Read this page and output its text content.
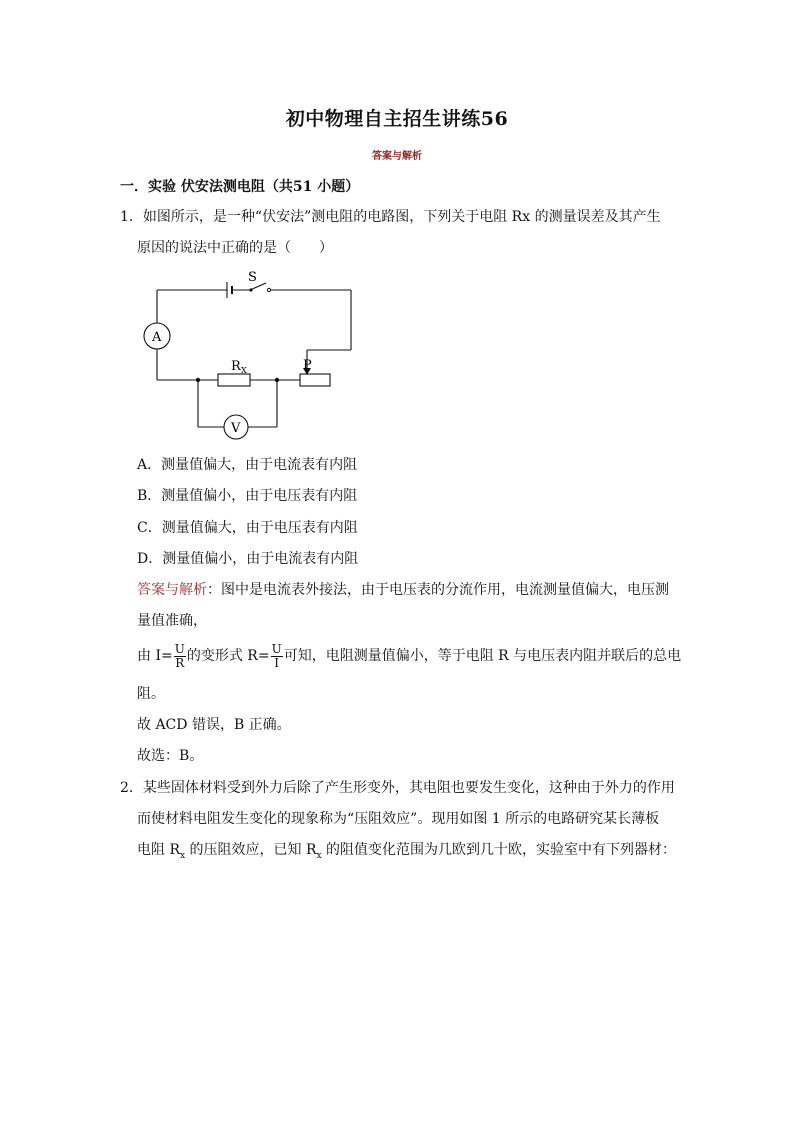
初中物理自主招生讲练56
答案与解析
一．实验 伏安法测电阻（共51 小题）
1．如图所示，是一种“伏安法”测电阻的电路图，下列关于电阻 Rx 的测量误差及其产生
原因的说法中正确的是（　　）
S
A
R X	P
V
A．测量值偏大，由于电流表有内阻
B．测量值偏小，由于电压表有内阻
C．测量值偏大，由于电压表有内阻
D．测量值偏小，由于电流表有内阻
答案与解析：图中是电流表外接法，由于电压表的分流作用，电流测量值偏大，电压测
量值准确，
由 $I= \frac{U}{R}$ 的变形式 $R= \frac{U}{I}$ 可知，电阻测量值偏小，等于电阻 R 与电压表内阻并联后的总电
阻。
故 ACD 错误，B 正确。
故选：B。
2．某些固体材料受到外力后除了产生形变外，其电阻也要发生变化，这种由于外力的作用
而使材料电阻发生变化的现象称为“压阻效应”。现用如图 1 所示的电路研究某长薄板
电阻 $R_x$ 的压阻效应，已知 $R_x$ 的阻值变化范围为几欧到几十欧，实验室中有下列器材：
